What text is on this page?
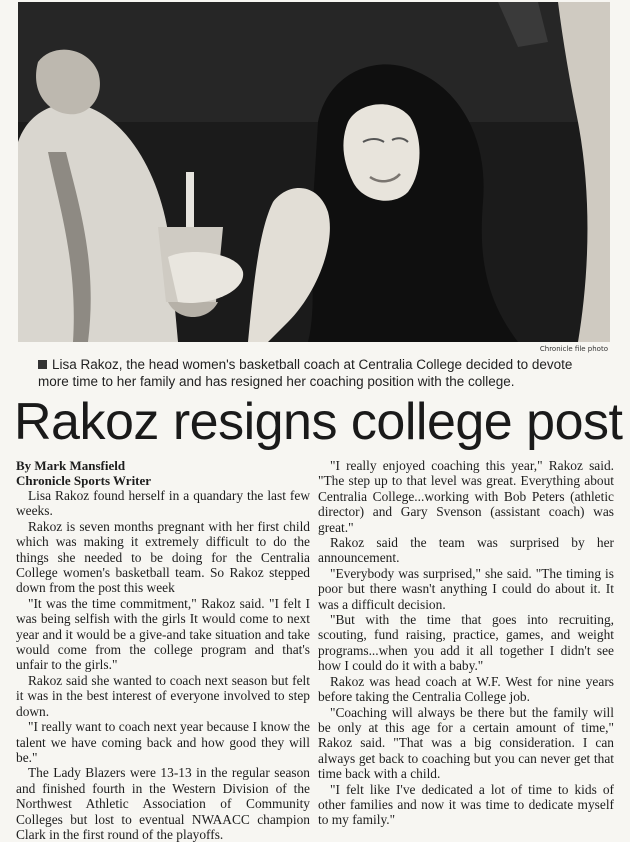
Chronicle file photo
Lisa Rakoz, the head women's basketball coach at Centralia College decided to devote more time to her family and has resigned her coaching position with the college.
Rakoz resigns college post
By Mark Mansfield
Chronicle Sports Writer

Lisa Rakoz found herself in a quandary the last few weeks.

Rakoz is seven months pregnant with her first child which was making it extremely difficult to do the things she needed to be doing for the Centralia College women's basketball team. So Rakoz stepped down from the post this week

"It was the time commitment," Rakoz said. "I felt I was being selfish with the girls It would come to next year and it would be a give-and take situation and take would come from the college program and that's unfair to the girls."

Rakoz said she wanted to coach next season but felt it was in the best interest of everyone involved to step down.

"I really want to coach next year because I know the talent we have coming back and how good they will be."

The Lady Blazers were 13-13 in the regular season and finished fourth in the Western Division of the Northwest Athletic Association of Community Colleges but lost to eventual NWAACC champion Clark in the first round of the playoffs.

"I really enjoyed coaching this year," Rakoz said. "The step up to that level was great. Everything about Centralia College...working with Bob Peters (athletic director) and Gary Svenson (assistant coach) was great."

Rakoz said the team was surprised by her announcement.

"Everybody was surprised," she said. "The timing is poor but there wasn't anything I could do about it. It was a difficult decision.

"But with the time that goes into recruiting, scouting, fund raising, practice, games, and weight programs...when you add it all together I didn't see how I could do it with a baby."

Rakoz was head coach at W.F. West for nine years before taking the Centralia College job.

"Coaching will always be there but the family will be only at this age for a certain amount of time," Rakoz said. "That was a big consideration. I can always get back to coaching but you can never get that time back with a child.

"I felt like I've dedicated a lot of time to kids of other families and now it was time to dedicate myself to my family."
